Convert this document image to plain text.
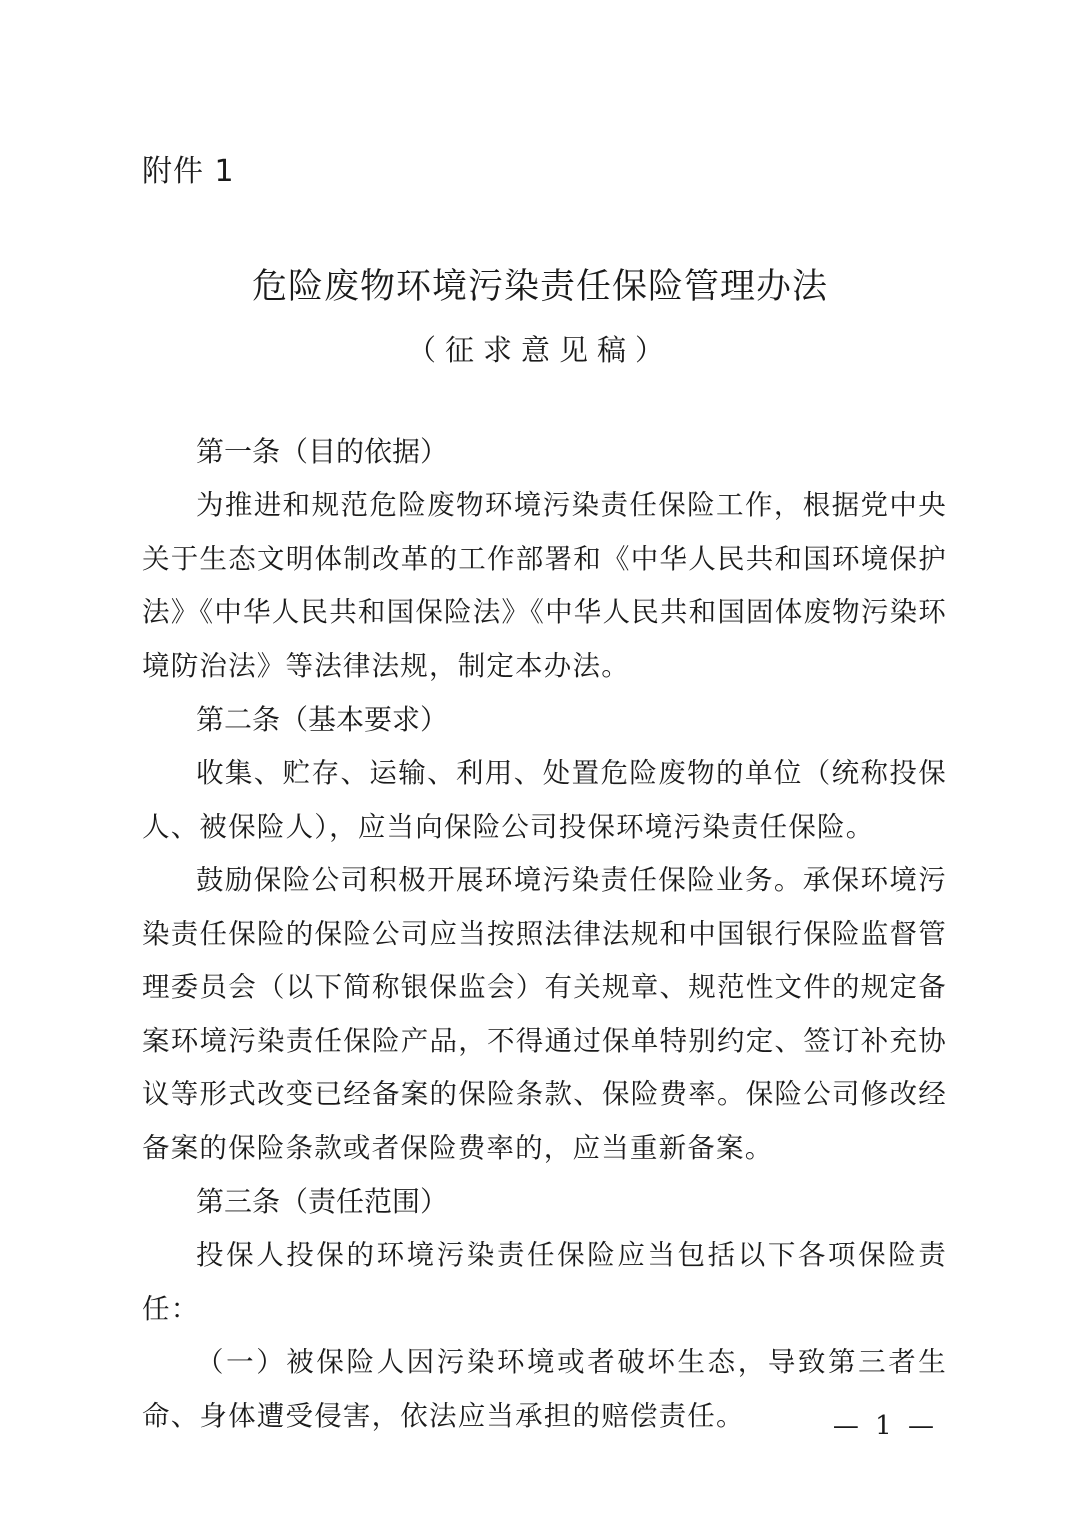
附件 1
危险废物环境污染责任保险管理办法
（征求意见稿）

第一条（目的依据）

为推进和规范危险废物环境污染责任保险工作，根据党中央关于生态文明体制改革的工作部署和《中华人民共和国环境保护法》《中华人民共和国保险法》《中华人民共和国固体废物污染环境防治法》等法律法规，制定本办法。

第二条（基本要求）

收集、贮存、运输、利用、处置危险废物的单位（统称投保人、被保险人），应当向保险公司投保环境污染责任保险。

鼓励保险公司积极开展环境污染责任保险业务。承保环境污染责任保险的保险公司应当按照法律法规和中国银行保险监督管理委员会（以下简称银保监会）有关规章、规范性文件的规定备案环境污染责任保险产品，不得通过保单特别约定、签订补充协议等形式改变已经备案的保险条款、保险费率。保险公司修改经备案的保险条款或者保险费率的，应当重新备案。

第三条（责任范围）

投保人投保的环境污染责任保险应当包括以下各项保险责任：

（一）被保险人因污染环境或者破坏生态，导致第三者生命、身体遭受侵害，依法应当承担的赔偿责任。	— 1 —
